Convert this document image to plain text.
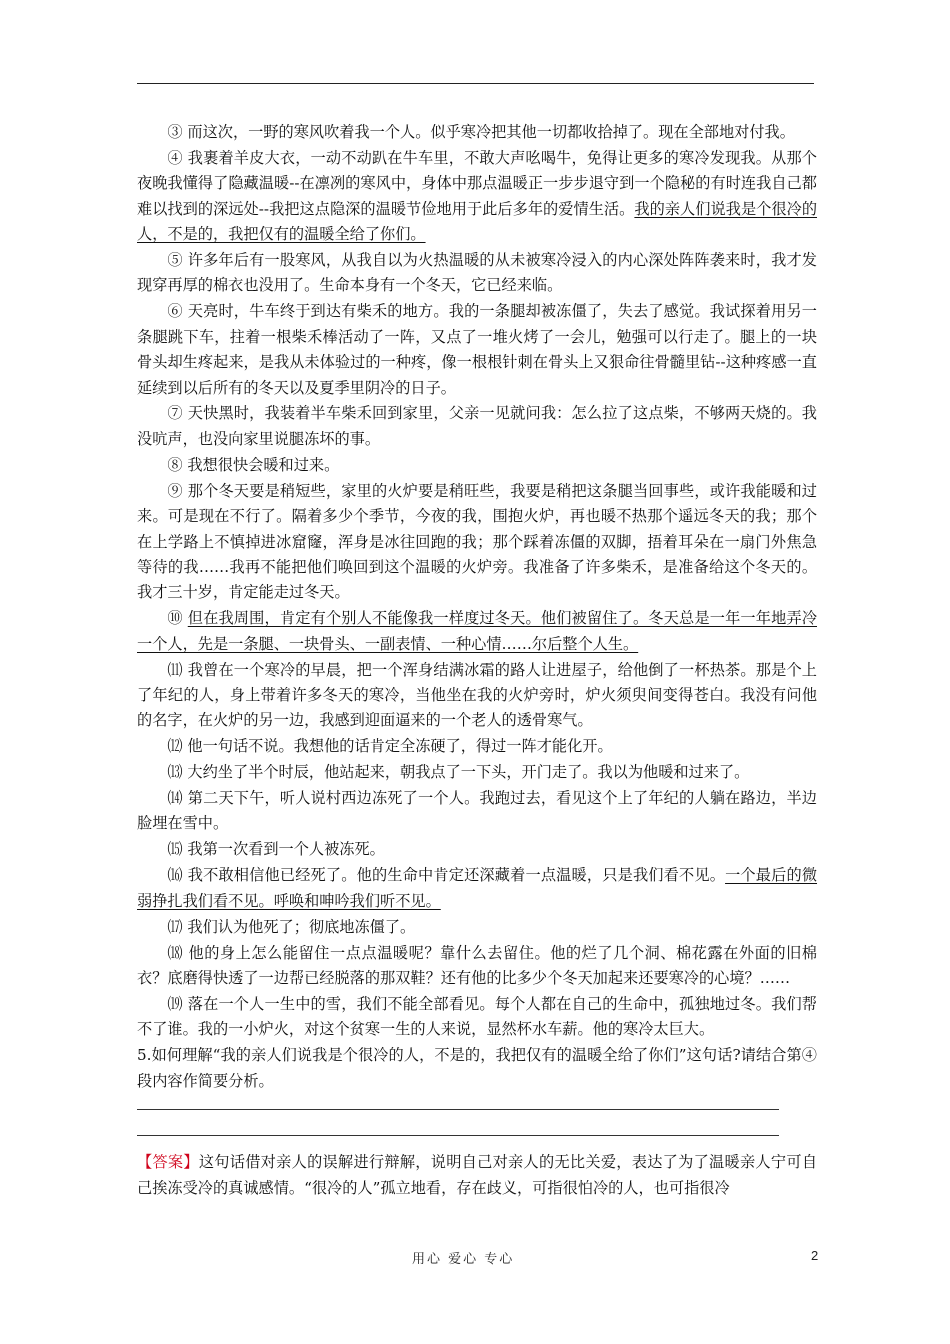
③ 而这次，一野的寒风吹着我一个人。似乎寒冷把其他一切都收拾掉了。现在全部地对付我。

④ 我裹着羊皮大衣，一动不动趴在牛车里，不敢大声吆喝牛，免得让更多的寒冷发现我。从那个夜晚我懂得了隐藏温暖--在凛冽的寒风中，身体中那点温暖正一步步退守到一个隐秘的有时连我自己都难以找到的深远处--我把这点隐深的温暖节俭地用于此后多年的爱情生活。我的亲人们说我是个很冷的人，不是的，我把仅有的温暖全给了你们。

⑤ 许多年后有一股寒风，从我自以为火热温暖的从未被寒冷浸入的内心深处阵阵袭来时，我才发现穿再厚的棉衣也没用了。生命本身有一个冬天，它已经来临。

⑥ 天亮时，牛车终于到达有柴禾的地方。我的一条腿却被冻僵了，失去了感觉。我试探着用另一条腿跳下车，拄着一根柴禾棒活动了一阵，又点了一堆火烤了一会儿，勉强可以行走了。腿上的一块骨头却生疼起来，是我从未体验过的一种疼，像一根根针刺在骨头上又狠命往骨髓里钻--这种疼感一直延续到以后所有的冬天以及夏季里阴冷的日子。

⑦ 天快黑时，我装着半车柴禾回到家里，父亲一见就问我：怎么拉了这点柴，不够两天烧的。我没吭声，也没向家里说腿冻坏的事。

⑧ 我想很快会暖和过来。

⑨ 那个冬天要是稍短些，家里的火炉要是稍旺些，我要是稍把这条腿当回事些，或许我能暖和过来。可是现在不行了。隔着多少个季节，今夜的我，围抱火炉，再也暖不热那个遥远冬天的我；那个在上学路上不慎掉进冰窟窿，浑身是冰往回跑的我；那个踩着冻僵的双脚，捂着耳朵在一扇门外焦急等待的我……我再不能把他们唤回到这个温暖的火炉旁。我准备了许多柴禾，是准备给这个冬天的。我才三十岁，肯定能走过冬天。

⑩ 但在我周围，肯定有个别人不能像我一样度过冬天。他们被留住了。冬天总是一年一年地弄冷一个人，先是一条腿、一块骨头、一副表情、一种心情……尔后整个人生。

⑾ 我曾在一个寒冷的早晨，把一个浑身结满冰霜的路人让进屋子，给他倒了一杯热茶。那是个上了年纪的人，身上带着许多冬天的寒冷，当他坐在我的火炉旁时，炉火须臾间变得苍白。我没有问他的名字，在火炉的另一边，我感到迎面逼来的一个老人的透骨寒气。

⑿ 他一句话不说。我想他的话肯定全冻硬了，得过一阵才能化开。

⒀ 大约坐了半个时辰，他站起来，朝我点了一下头，开门走了。我以为他暖和过来了。

⒁ 第二天下午，听人说村西边冻死了一个人。我跑过去，看见这个上了年纪的人躺在路边，半边脸埋在雪中。

⒂ 我第一次看到一个人被冻死。

⒃ 我不敢相信他已经死了。他的生命中肯定还深藏着一点温暖，只是我们看不见。一个最后的微弱挣扎我们看不见。呼唤和呻吟我们听不见。

⒄ 我们认为他死了；彻底地冻僵了。

⒅ 他的身上怎么能留住一点点温暖呢？靠什么去留住。他的烂了几个洞、棉花露在外面的旧棉衣？底磨得快透了一边帮已经脱落的那双鞋？还有他的比多少个冬天加起来还要寒冷的心境？……

⒆ 落在一个人一生中的雪，我们不能全部看见。每个人都在自己的生命中，孤独地过冬。我们帮不了谁。我的一小炉火，对这个贫寒一生的人来说，显然杯水车薪。他的寒冷太巨大。

5.如何理解“我的亲人们说我是个很冷的人，不是的，我把仅有的温暖全给了你们”这句话?请结合第④段内容作简要分析。

【答案】这句话借对亲人的误解进行辩解，说明自己对亲人的无比关爱，表达了为了温暖亲人宁可自己挨冻受冷的真诚感情。“很冷的人”孤立地看，存在歧义，可指很怕冷的人，也可指很冷

用心 爱心 专心	2
